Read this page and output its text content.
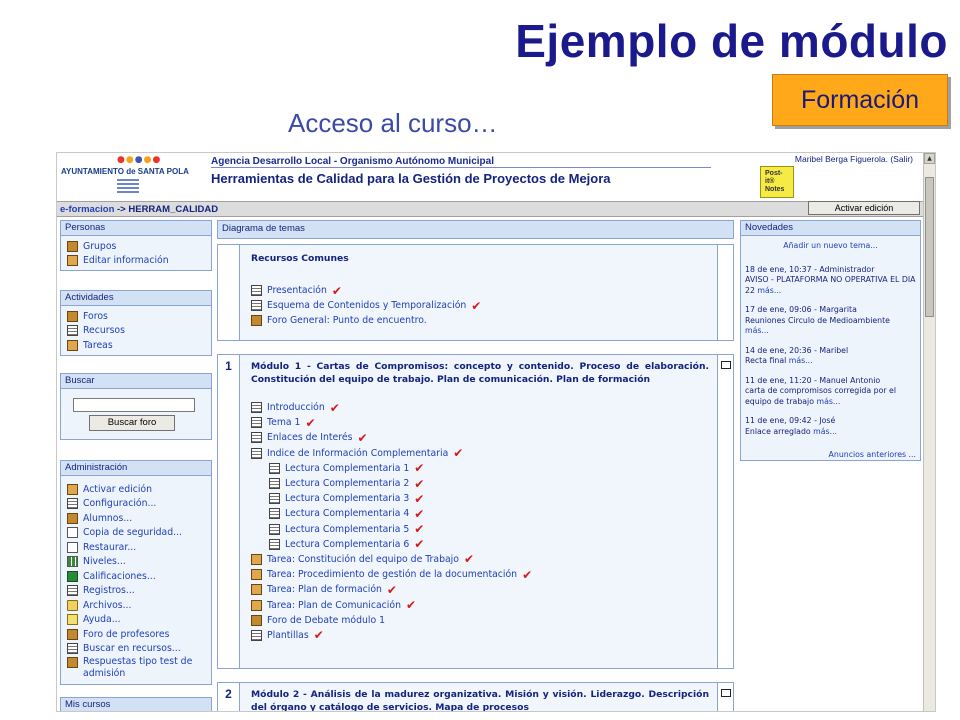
Ejemplo de módulo
Formación
Acceso al curso…
●●●●●
AYUNTAMIENTO de SANTA POLA
Agencia Desarrollo Local - Organismo Autónomo Municipal
Herramientas de Calidad para la Gestión de Proyectos de Mejora
Maribel Berga Figuerola. (Salir)
Post-it® Notes
e-formacion -> HERRAM_CALIDAD	Activar edición
Personas
Grupos
Editar información
Actividades
Foros
Recursos
Tareas
Buscar
Buscar foro
Administración
Activar edición
Configuración...
Alumnos...
Copia de seguridad...
Restaurar...
Niveles...
Calificaciones...
Registros...
Archivos...
Ayuda...
Foro de profesores
Buscar en recursos...
Respuestas tipo test de admisión
Mis cursos
Diagrama de temas
Recursos Comunes
Presentación ✔
Esquema de Contenidos y Temporalización ✔
Foro General: Punto de encuentro.
1	Módulo 1 - Cartas de Compromisos: concepto y contenido. Proceso de elaboración. Constitución del equipo de trabajo. Plan de comunicación. Plan de formación
Introducción ✔
Tema 1 ✔
Enlaces de Interés ✔
Indice de Información Complementaria ✔
Lectura Complementaria 1 ✔
Lectura Complementaria 2 ✔
Lectura Complementaria 3 ✔
Lectura Complementaria 4 ✔
Lectura Complementaria 5 ✔
Lectura Complementaria 6 ✔
Tarea: Constitución del equipo de Trabajo ✔
Tarea: Procedimiento de gestión de la documentación ✔
Tarea: Plan de formación ✔
Tarea: Plan de Comunicación ✔
Foro de Debate módulo 1
Plantillas ✔
2	Módulo 2 - Análisis de la madurez organizativa. Misión y visión. Liderazgo. Descripción del órgano y catálogo de servicios. Mapa de procesos
Novedades
Añadir un nuevo tema...
18 de ene, 10:37 - Administrador
AVISO - PLATAFORMA NO OPERATIVA EL DIA 22 más...
17 de ene, 09:06 - Margarita
Reuniones Circulo de Medioambiente más...
14 de ene, 20:36 - Maribel
Recta final más...
11 de ene, 11:20 - Manuel Antonio
carta de compromisos corregida por el equipo de trabajo más...
11 de ene, 09:42 - José
Enlace arreglado más...
Anuncios anteriores ...
▲
